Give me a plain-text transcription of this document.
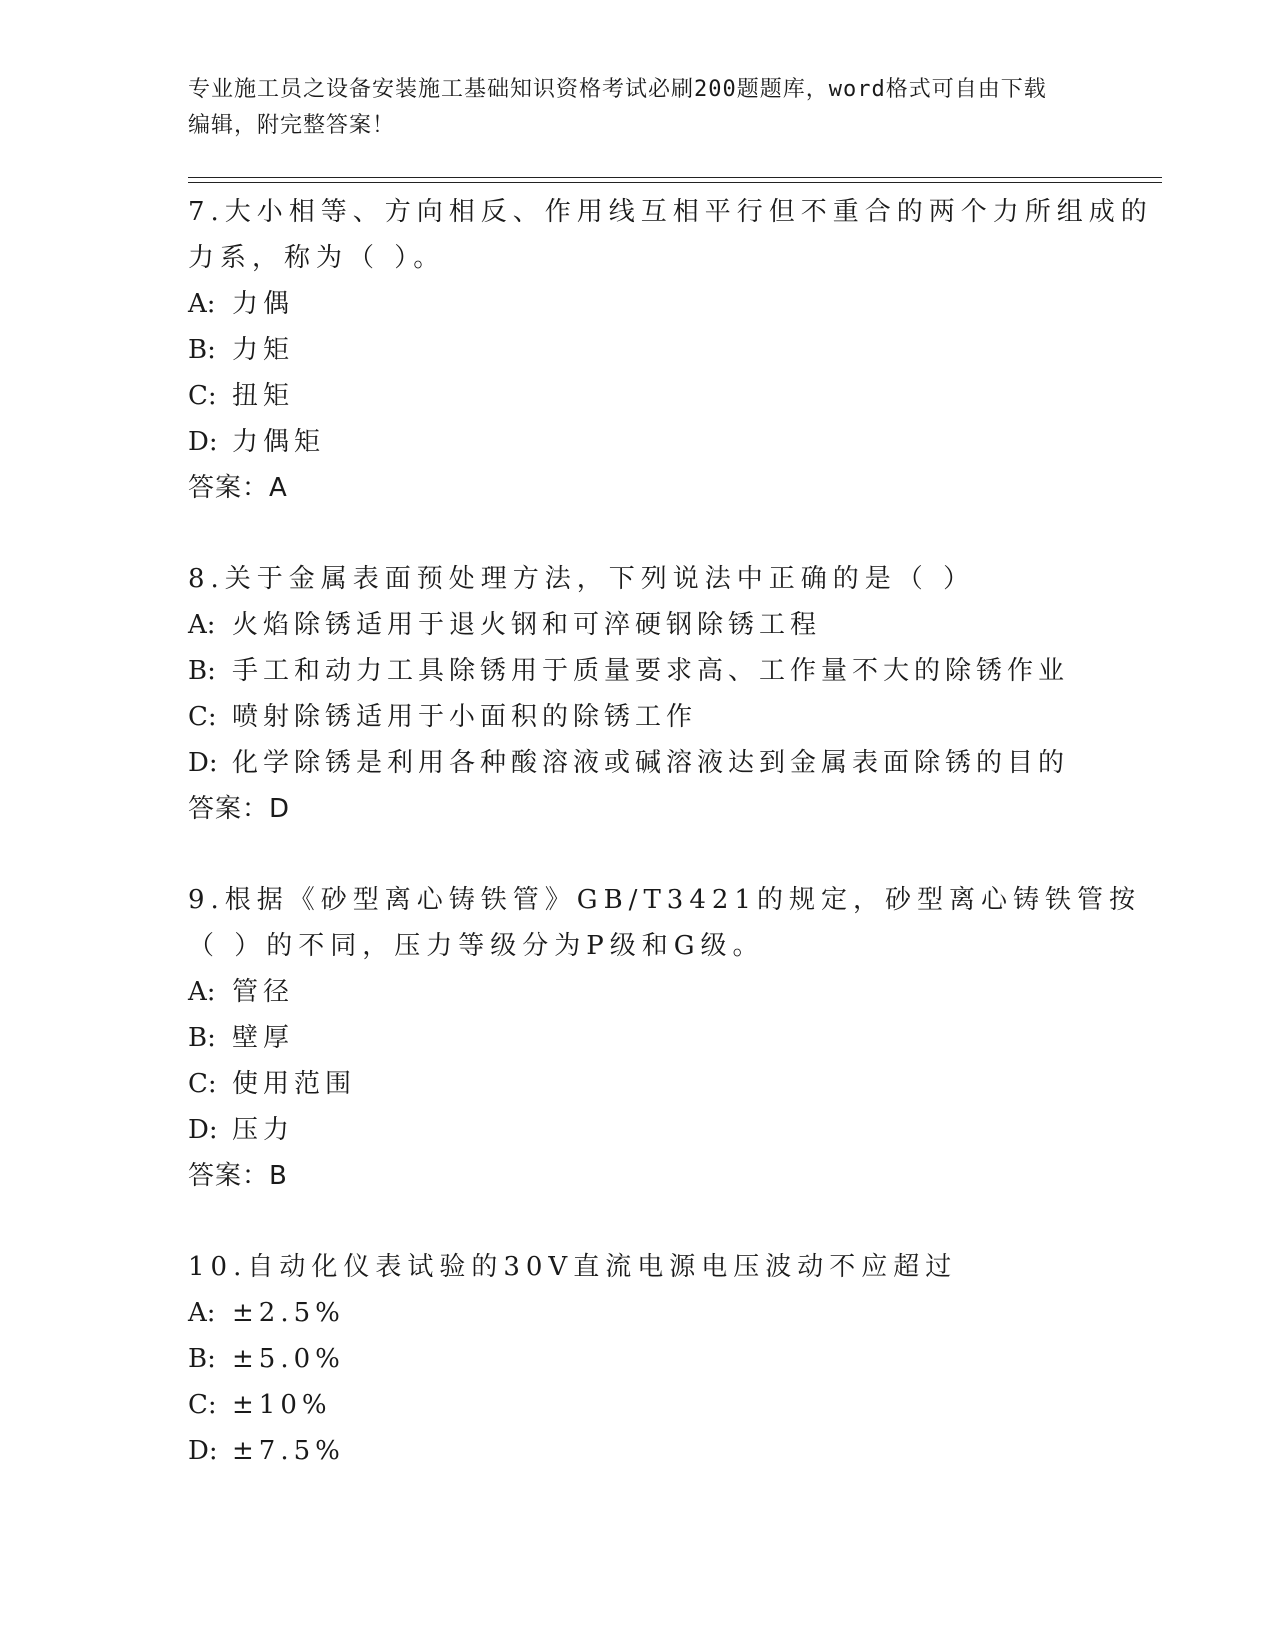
专业施工员之设备安装施工基础知识资格考试必刷200题题库，word格式可自由下载编辑，附完整答案！

7.大小相等、方向相反、作用线互相平行但不重合的两个力所组成的力系，称为（ ）。

A: 力偶

B: 力矩

C: 扭矩

D: 力偶矩

答案：A

8.关于金属表面预处理方法，下列说法中正确的是（ ）

A: 火焰除锈适用于退火钢和可淬硬钢除锈工程

B: 手工和动力工具除锈用于质量要求高、工作量不大的除锈作业

C: 喷射除锈适用于小面积的除锈工作

D: 化学除锈是利用各种酸溶液或碱溶液达到金属表面除锈的目的

答案：D

9.根据《砂型离心铸铁管》GB/T3421的规定，砂型离心铸铁管按（ ）的不同，压力等级分为P级和G级。

A: 管径

B: 壁厚

C: 使用范围

D: 压力

答案：B

10.自动化仪表试验的30V直流电源电压波动不应超过

A: ±2.5%

B: ±5.0%

C: ±10%

D: ±7.5%
